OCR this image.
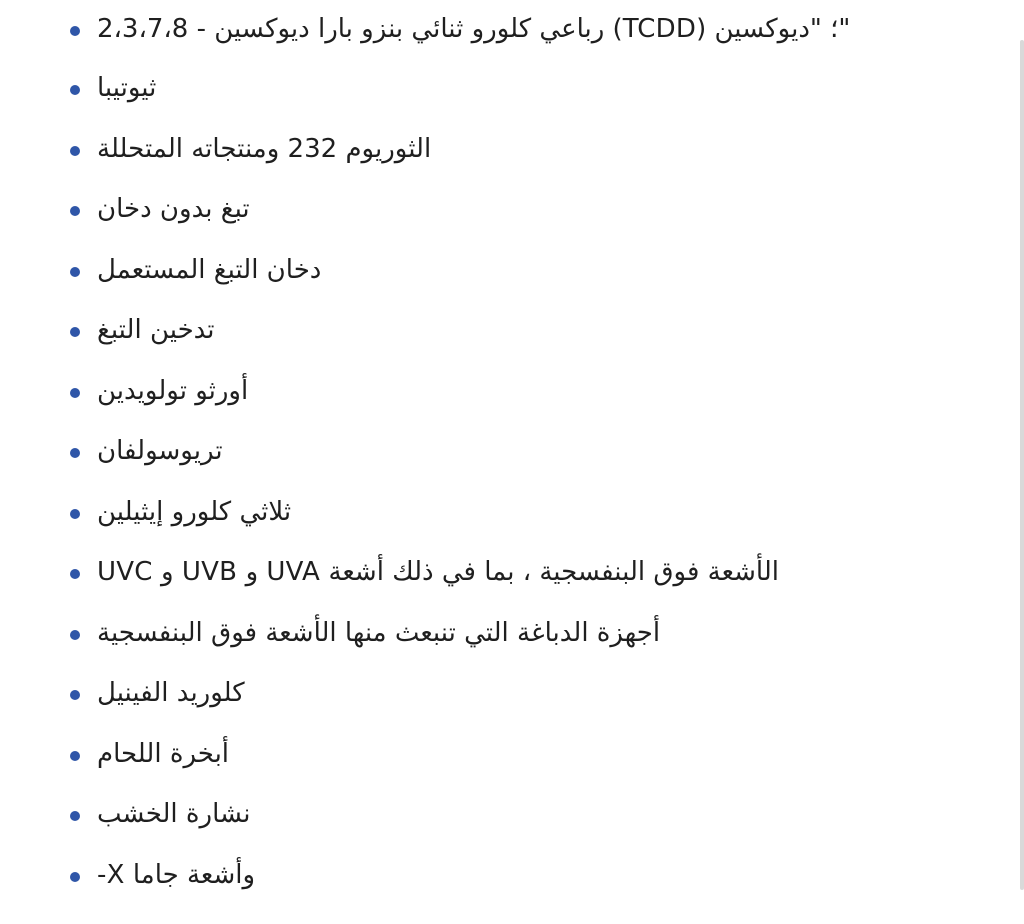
"؛ "ديوكسين (TCDD) رباعي كلورو ثنائي بنزو بارا ديوكسين - 2،3،7،8
ثيوتيبا
الثوريوم 232 ومنتجاته المتحللة
تبغ بدون دخان
دخان التبغ المستعمل
تدخين التبغ
أورثو تولويدين
تريوسولفان
ثلاثي كلورو إيثيلين
UVC و UVB و UVA الأشعة فوق البنفسجية ، بما في ذلك أشعة
أجهزة الدباغة التي تنبعث منها الأشعة فوق البنفسجية
كلوريد الفينيل
أبخرة اللحام
نشارة الخشب
وأشعة جاما X-
